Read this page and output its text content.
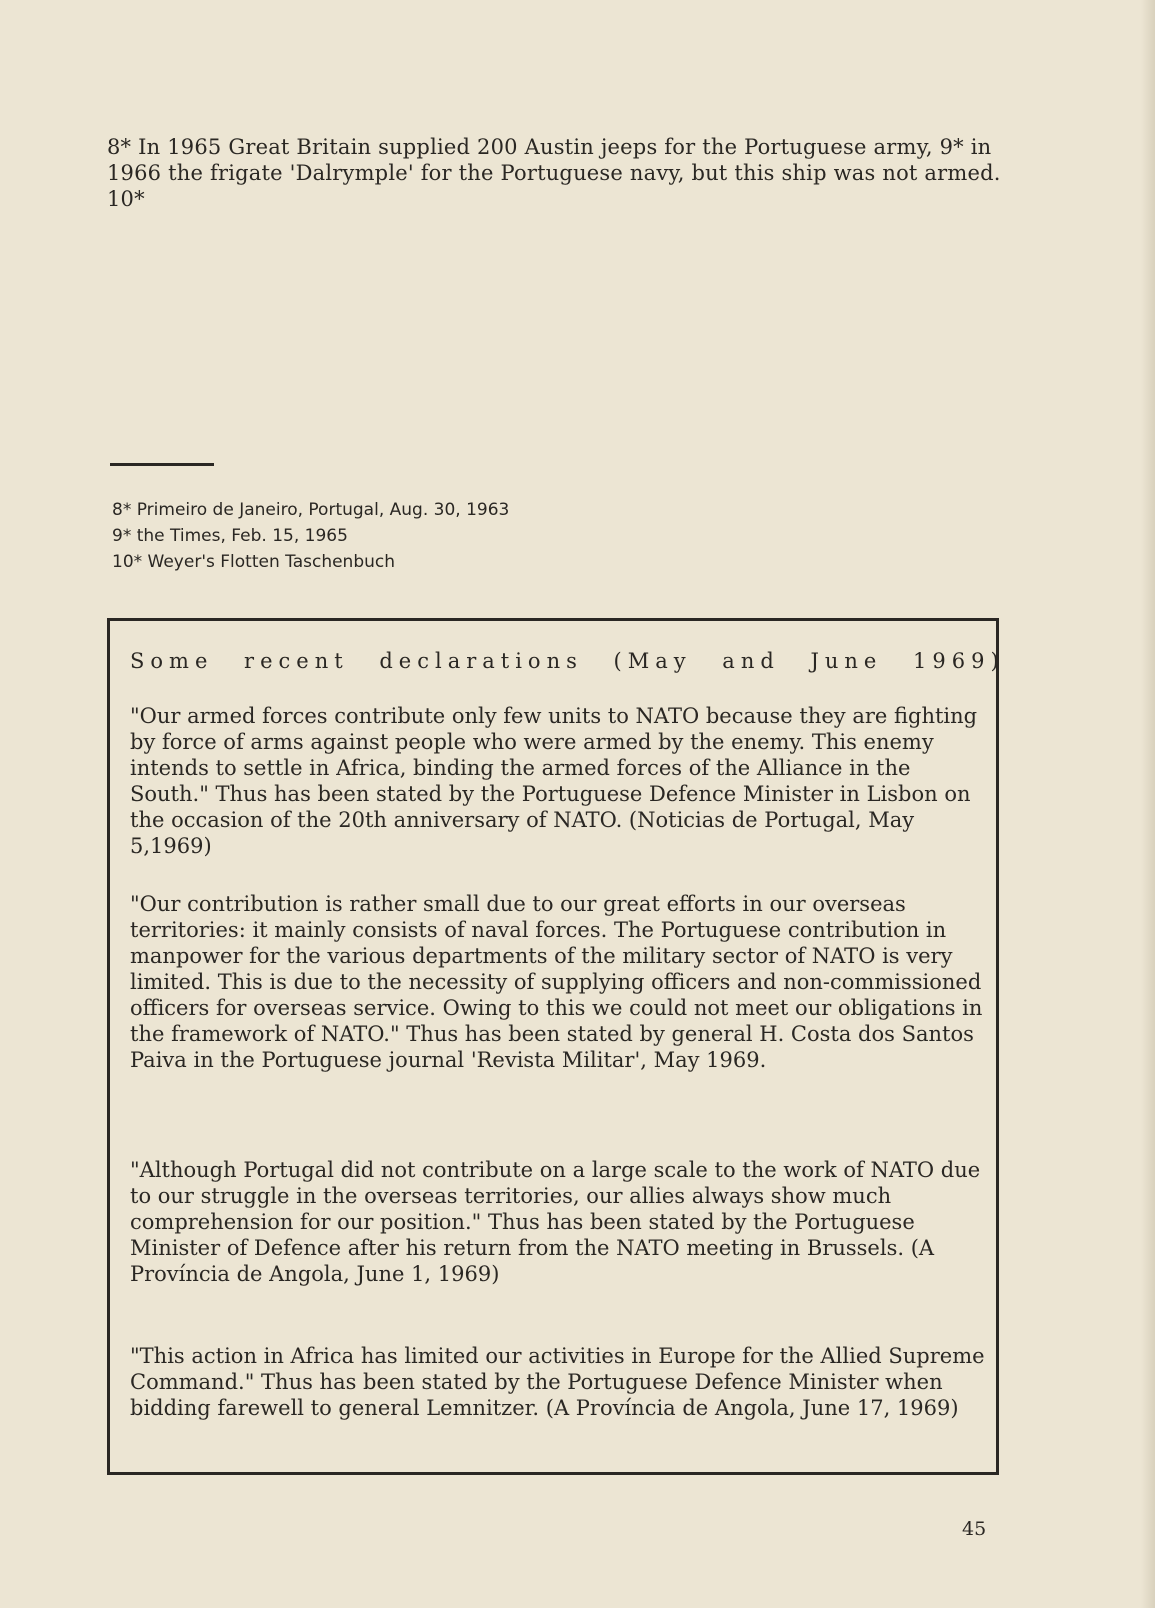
8* In 1965 Great Britain supplied 200 Austin jeeps for the Portuguese army, 9* in 1966 the frigate 'Dalrymple' for the Portuguese navy, but this ship was not armed. 10*

8* Primeiro de Janeiro, Portugal, Aug. 30, 1963
9* the Times, Feb. 15, 1965
10* Weyer's Flotten Taschenbuch

Some recent declarations (May and June 1969)

"Our armed forces contribute only few units to NATO because they are fighting by force of arms against people who were armed by the enemy. This enemy intends to settle in Africa, binding the armed forces of the Alliance in the South." Thus has been stated by the Portuguese Defence Minister in Lisbon on the occasion of the 20th anniversary of NATO. (Noticias de Portugal, May 5,1969)

"Our contribution is rather small due to our great efforts in our overseas territories: it mainly consists of naval forces. The Portuguese contribution in manpower for the various departments of the military sector of NATO is very limited. This is due to the necessity of supplying officers and non-commissioned officers for overseas service. Owing to this we could not meet our obligations in the framework of NATO." Thus has been stated by general H. Costa dos Santos Paiva in the Portuguese journal 'Revista Militar', May 1969.

"Although Portugal did not contribute on a large scale to the work of NATO due to our struggle in the overseas territories, our allies always show much comprehension for our position." Thus has been stated by the Portuguese Minister of Defence after his return from the NATO meeting in Brussels. (A Província de Angola, June 1, 1969)

"This action in Africa has limited our activities in Europe for the Allied Supreme Command." Thus has been stated by the Portuguese Defence Minister when bidding farewell to general Lemnitzer. (A Província de Angola, June 17, 1969)

45
